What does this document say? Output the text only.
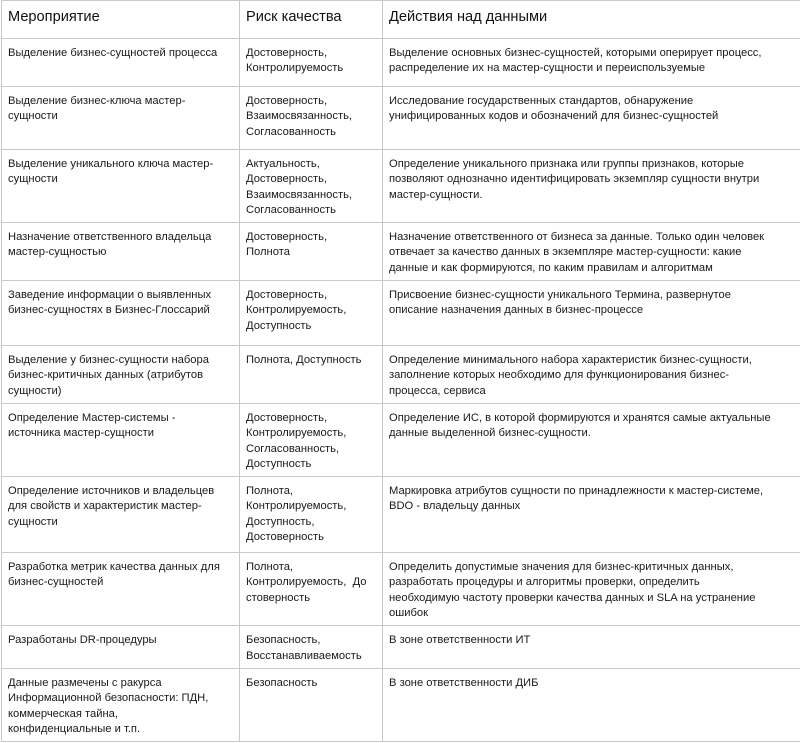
Мероприятие	Риск качества	Действия над данными

Выделение бизнес-сущностей процесса	Достоверность,
Контролируемость	Выделение основных бизнес-сущностей, которыми оперирует процесс,
распределение их на мастер-сущности и переиспользуемые

Выделение бизнес-ключа мастер-
сущности	Достоверность,
Взаимосвязанность,
Согласованность	Исследование государственных стандартов, обнаружение
унифицированных кодов и обозначений для бизнес-сущностей

Выделение уникального ключа мастер-
сущности	Актуальность,
Достоверность,
Взаимосвязанность,
Согласованность	Определение уникального признака или группы признаков, которые
позволяют однозначно идентифицировать экземпляр сущности внутри
мастер-сущности.

Назначение ответственного владельца
мастер-сущностью	Достоверность,
Полнота	Назначение ответственного от бизнеса за данные. Только один человек
отвечает за качество данных в экземпляре мастер-сущности: какие
данные и как формируются, по каким правилам и алгоритмам

Заведение информации о выявленных
бизнес-сущностях в Бизнес-Глоссарий	Достоверность,
Контролируемость,
Доступность	Присвоение бизнес-сущности уникального Термина, развернутое
описание назначения данных в бизнес-процессе

Выделение у бизнес-сущности набора
бизнес-критичных данных (атрибутов
сущности)	Полнота, Доступность	Определение минимального набора характеристик бизнес-сущности,
заполнение которых необходимо для функционирования бизнес-
процесса, сервиса

Определение Мастер-системы -
источника мастер-сущности	Достоверность,
Контролируемость,
Согласованность,
Доступность	Определение ИС, в которой формируются и хранятся самые актуальные
данные выделенной бизнес-сущности.

Определение источников и владельцев
для свойств и характеристик мастер-
сущности	Полнота,
Контролируемость,
Доступность,
Достоверность	Маркировка атрибутов сущности по принадлежности к мастер-системе,
BDO - владельцу данных

Разработка метрик качества данных для
бизнес-сущностей	Полнота,
Контролируемость,  До
стоверность	Определить допустимые значения для бизнес-критичных данных,
разработать процедуры и алгоритмы проверки, определить
необходимую частоту проверки качества данных и SLA на устранение
ошибок

Разработаны DR-процедуры	Безопасность,
Восстанавливаемость	В зоне ответственности ИТ

Данные размечены с ракурса
Информационной безопасности: ПДН,
коммерческая тайна,
конфиденциальные и т.п.	Безопасность	В зоне ответственности ДИБ
